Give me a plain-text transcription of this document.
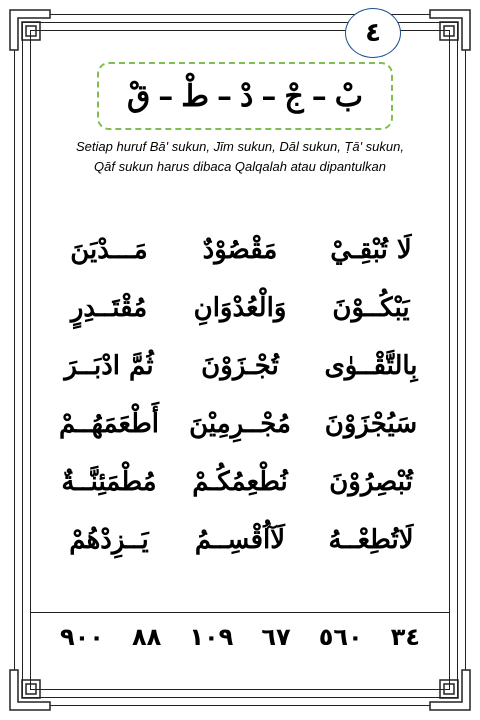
٤
بْ
–
جْ
–
دْ
–
طْ
–
قْ
Setiap huruf Bā' sukun, Jīm sukun, Dāl sukun, Ṭā' sukun,
Qāf sukun harus dibaca Qalqalah atau dipantulkan
لَا تُبْقِـيْ
مَقْصُوْدٌ
مَـــدْيَنَ
يَبْكُــوْنَ
وَالْعُدْوَانِ
مُقْتَــدِرٍ
بِالتَّقْــوٰى
تُجْـزَوْنَ
ثُمَّ ادْبَــرَ
سَيُجْزَوْنَ
مُجْــرِمِيْنَ
أَطْعَمَهُــمْ
تُبْصِرُوْنَ
نُطْعِمُكُـمْ
مُطْمَئِنَّــةٌ
لَاتُطِعْــهُ
لَآاُقْسِــمُ
يَــزِدْهُمْ
٣٤
٥٦٠
٦٧
١٠٩
٨٨
٩٠٠
